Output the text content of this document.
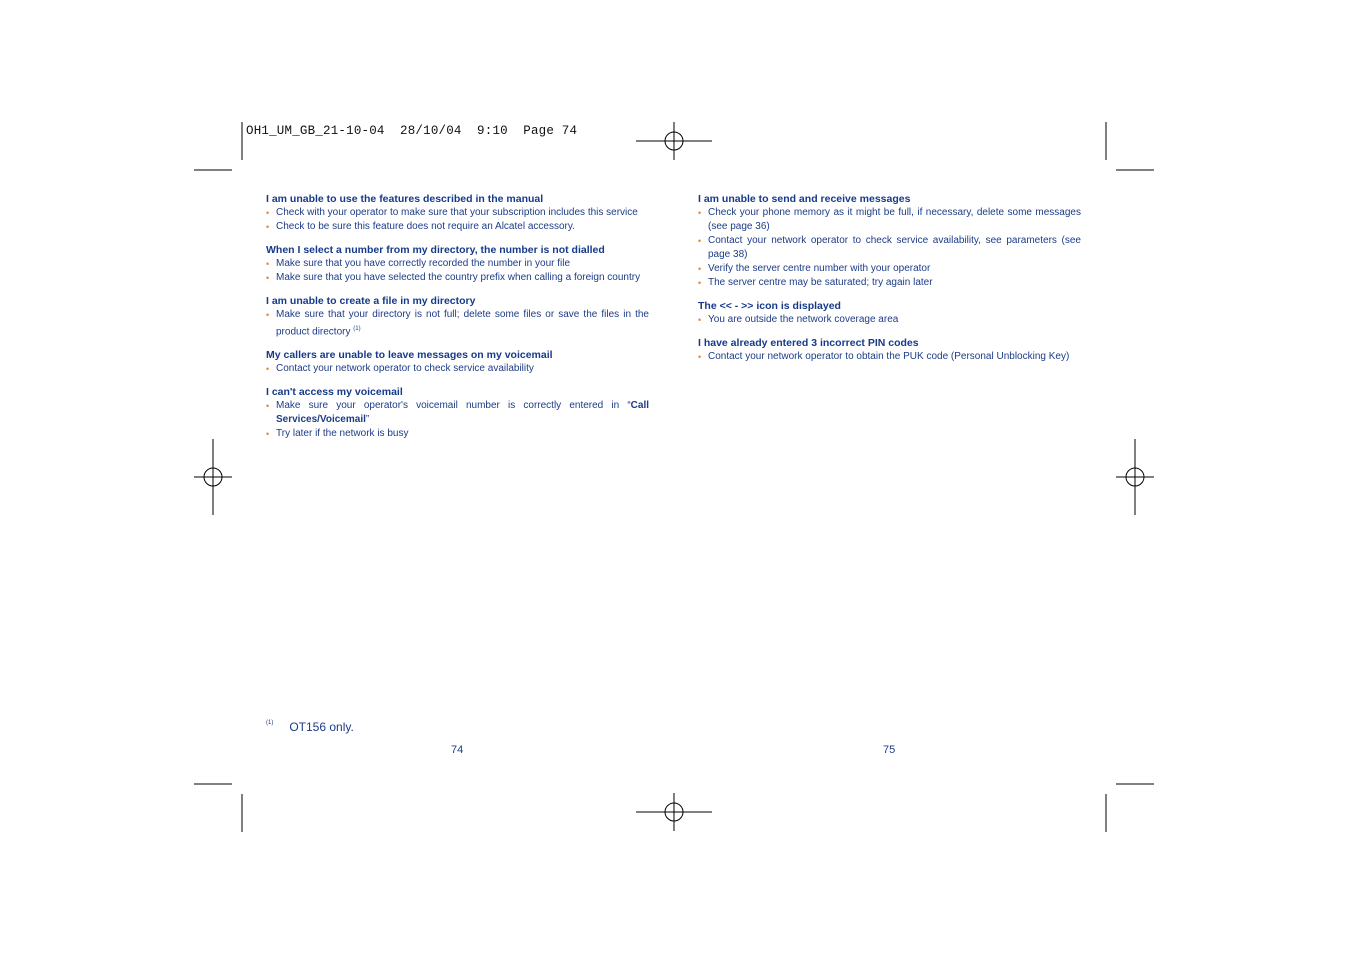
OH1_UM_GB_21-10-04  28/10/04  9:10  Page 74
I am unable to use the features described in the manual
• Check with your operator to make sure that your subscription includes this service
• Check to be sure this feature does not require an Alcatel accessory.
When I select a number from my directory, the number is not dialled
• Make sure that you have correctly recorded the number in your file
• Make sure that you have selected the country prefix when calling a foreign country
I am unable to create a file in my directory
• Make sure that your directory is not full; delete some files or save the files in the product directory $^{(1)}$
My callers are unable to leave messages on my voicemail
• Contact your network operator to check service availability
I can't access my voicemail
• Make sure your operator's voicemail number is correctly entered in “Call Services/Voicemail”
• Try later if the network is busy
$^{(1)}$ OT156 only.
74
I am unable to send and receive messages
• Check your phone memory as it might be full, if necessary, delete some messages (see page 36)
• Contact your network operator to check service availability, see parameters (see page 38)
• Verify the server centre number with your operator
• The server centre may be saturated; try again later
The << - >> icon is displayed
• You are outside the network coverage area
I have already entered 3 incorrect PIN codes
• Contact your network operator to obtain the PUK code (Personal Unblocking Key)
75
